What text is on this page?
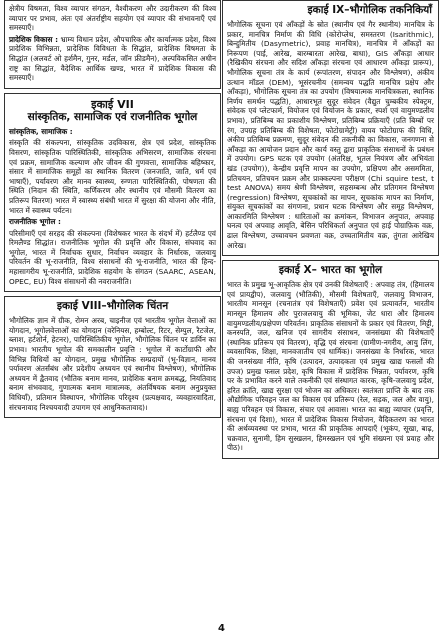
क्षेत्रीय विषमता, विश्व व्यापार संगठन, वैश्वीकरण और उदारीकरण की विश्व व्यापार पर प्रभाव, अंतः एवं अंतर्राष्ट्रीय सहयोग एवं व्यापार की संभावनाएँ एवं समस्याएँ।

प्रादेशिक विकास : भ्राम्य विधान प्रदेश, औपचारिक और कार्यात्मक प्रदेश, विश्व प्रादेशिक विभिन्नता, प्रादेशिक विविधता के सिद्धांत, प्रादेशिक विषमता के सिद्धांत (अलवर्ट ओ हर्शमैन, गुनर, मर्डल, जॉन फ्रीडमैन), अल्पविकसित अधीन राष्ट्र का सिद्धांत, वैदेशिक आर्थिक खण्ड, भारत में प्रादेशिक विकास की समस्याएँ।

इकाई VII
सांस्कृतिक, सामाजिक एवं राजनीतिक भूगोल

सांस्कृतिक, सामाजिक :

संस्कृति की संकल्पना, सांस्कृतिक उदविकास, क्षेत्र एवं प्रदेश, सांस्कृतिक विसरण, सांस्कृतिक पारिस्थितिकी, सांस्कृतिक अभिसरण, सामाजिक संरचना एवं प्रक्रम, सामाजिक कल्याण और जीवन की गुणवत्ता, सामाजिक बहिष्कार, संसार में सामाजिक समूहों का स्थानिक वितरण (जनजाति, जाति, धर्म एवं भाषाएँ), पर्यावरण और मानव स्वास्थ्य, रुग्णता पारिस्थितिकी, पोषणता की स्थिति (निदान की स्थिति, कर्णिकरण और स्थानीय एवं मौसमी वितरण का प्रतिरूप वितरण) भारत में स्वास्थ्य संबंधी भारत में सुरक्षा की योजना और नीति, भारत में स्वास्थ्य पर्यटन।

राजनीतिक भूगोल :

परिसीमाएँ एवं सरहद की संकल्पना (विशेषकर भारत के संदर्भ में) हर्टलैण्ड एवं रिमलैण्ड सिद्धांत। राजनीतिक भूगोल की प्रवृत्ति और विकास, संघवाद का भूगोल, भारत में निर्वाचक सुधार, निर्वाचन व्यवहार के निर्धारक, जलवायु परिवर्तन की भू-राजनीति, विश्व संसाधनों की भू-राजनीति, भारत की हिन्द-महासागरीय भू-राजनीति, प्रादेशिक सहयोग के संगठन (SAARC, ASEAN, OPEC, EU) विश्व संसाधनों की नवराजनीति।

इकाई VIII–भौगोलिक चिंतन

भौगोलिक ज्ञान में ग्रीक, रोमन अरब, चाइनीज एवं भारतीय भूगोल वेत्ताओं का योगदान, भूगोलवेत्ताओं का योगदान (वरेनियस, हम्बोल्ट, रिटर, सेम्पुल, रैटजेल, ब्लाश, हर्टशोर्न, हेटनर), पारिस्थितिकीय भूगोल, भौगोलिक चिंतन पर डार्विन का प्रभाव। भारतीय भूगोल की समकालीन प्रवृत्ति : भूगोल में कार्टोग्राफी और विभिन्न विधियों का योगदान, प्रमुख भौगोलिक सम्प्रदायों (भू-विज्ञान, मानव पर्यावरण अंतर्संबंध और प्रदेशीय अध्ययन एवं स्थानीय विश्लेषण), भौगोलिक अध्ययन में द्वैतवाद (भौतिक बनाम मानव, प्रादेशिक बनाम क्रमबद्ध, नियतिवाद बनाम संभववाद, गुणात्मक बनाम मात्रात्मक, अंतर्विषयक बनाम अनुप्रयुक्त विधियाँ), प्रतिमान विस्थापन, भौगोलिक परिदृश्य (प्रत्यक्षवाद, व्यवहारवादिता, संरचनावाद निश्चयवादी उपागम एवं आधुनिकतावाद)।

इकाई IX–भौगोलिक तकनिकियाँ

भौगोलिक सूचना एवं आँकड़ों के स्रोत (स्थानीय एवं गैर स्थानीय) मानचित्र के प्रकार, मानचित्र निर्माण की विधि (कोरोप्लेथ, समस्तरण (Isarithmic), बिन्दुमितीय (Dasymetric), प्रवाह मानचित्र), मानचित्र में आँकड़ों का निरूपण (पाई, आरेख, बारम्बारता आरेख, बाधा), GIS आँकड़ा आधार (रैखिकीय संरचना और सदिश आँकड़ा संरचना एवं आधारण आँकड़ा प्रारूप), भौगोलिक सूचना तंत्र के कार्य (रूपांतरण, संपादन और विश्लेषण), अंकीय उत्थान मॉडल (DEM), भूसंरचनीय (समन्वय पद्धति मानचित्र प्रक्षेप और आँकड़ा), भौगोलिक सूचना तंत्र का उपयोग (विषयात्मक मानचित्रकला, स्थानिक निर्णय समर्थन पद्धति), आधारभूत सुदूर संवेदन (वैद्युत चुम्बकीय स्पेक्ट्रम, संवेदक एवं प्लेटफार्म, वियोजन एवं वियोजन के प्रकार, स्पर्श एवं वायुमण्डलीय प्रभाव), प्रतिबिम्ब का प्रकाशीय विश्लेषण, प्रतिबिम्ब प्रक्रियाएँ (प्रति बिम्बों पर रंग, उपग्रह प्रतिबिम्ब की विशेषता, फोटोग्रामेट्री) वायव फोटोग्राफ की विधि, अंकीय प्रतिबिम्ब प्रक्रमण, सुदूर संवेदन की तकनीकी का विकास, जनगणना से आँकड़ा का आयोजन प्रदान और कार्य वस्तु द्वारा प्राकृतिक संसाधनों के प्रबंधन में उपयोग। GPS घटक एवं उपयोग (अंतरिक्ष, भूतल नियंत्रण और अभियंता खंड (उपयोग)), केन्द्रीय प्रवृत्ति मापन का उपयोग, प्रक्षिपण और असममिता, प्रतिचयन, प्रतिचयन प्रक्रम और प्राक्कल्पना परीक्षण (Chi squire test, t test ANOVA) समय श्रेणी विश्लेषण, सहसम्बन्ध और प्रतिगमन विश्लेषण (regression) विश्लेषण, सूचकांकों का मापन, सूचकांक मापन का निर्माण, संयुक्त सूचकांकों का संगणना, प्रधान घटक विश्लेषण और समूह विश्लेषण, आकारमिति विश्लेषण : धारिताओं का क्रमांकन, विभाजन अनुपात, अपवाह घनत्व एवं अपवाह आवृति, बेसिन परिधिकर्ता अनुपात एवं हाई पोग्राफ़िक वक्र, ढाल विश्लेषण, उच्चावचन प्रवणता वक्र, उच्चतामितीय वक्र, तुंगता आरेखिय आरेख।

इकाई X– भारत का भूगोल

भारत के प्रमुख भू-आकृतिक क्षेत्र एवं उनकी विशेषताएँ : अपवाह तंत्र, (हिमालय एवं प्रायद्वीप), जलवायु (भौतिकी), मौसमी विशेषताएँ, जलवायु विभाजन, भारतीय मानसून (रचनातंत्र एवं विशेषताएँ) प्रवेश एवं प्रत्यावर्तन, भारतीय मानसून हिमालय और पुराजलवायु की भूमिका, जेट धारा और हिमालय वायुमण्डलीय/प्रक्षेपण परिवर्तन। प्राकृतिक संसाधनों के प्रकार एवं वितरण, मिट्टी, कनस्पति, जल, खनिज एवं सागरीय संसाधन, जनसंख्या की विशेषताएँ (स्थानिक प्रतिरूप एवं वितरण), वृद्धि एवं संरचना (ग्रामीण-नगरीय, आयु लिंग, व्यवसायिक, शिक्षा, मानवजातीय एवं धार्मिक)। जनसंख्या के निर्धारक, भारत की जनसंख्या नीति, कृषि (उत्पादन, उत्पादकता एवं प्रमुख खाद्य फसलों की उपज) प्रमुख फसल प्रदेश, कृषि विकास में प्रादेशिक भिन्नता, पर्यावरण, कृषि पर के प्रभावित करने वाले तकनीकी एवं संस्थागत कारक, कृषि-जलवायु प्रदेश, हरित क्रांति, खाद्य सुरक्षा एवं भोजन का अधिकार। स्वतंत्रता प्राप्ति के बाद तक औद्योगिक परिवहन जल का विकास एवं प्रतिरूप (रेल, सड़क, जल और वायु), बाह्य परिवहन एवं विकास, संचार एवं आवास। भारत का बाह्य व्यापार (प्रवृत्ति, संरचना एवं दिशा), भारत में प्रादेशिक विकास नियोजन, वैदिकतरण का भारत की अर्थव्यवस्था पर प्रभाव, भारत की प्राकृतिक आपदाएँ (भूकंप, सूखा, बाढ़, चक्रवात, सुनामी, हिम सुस्खलन, हिमस्खलन एवं भूमि संख्यना एवं प्रवाह और पीठ)।

4
